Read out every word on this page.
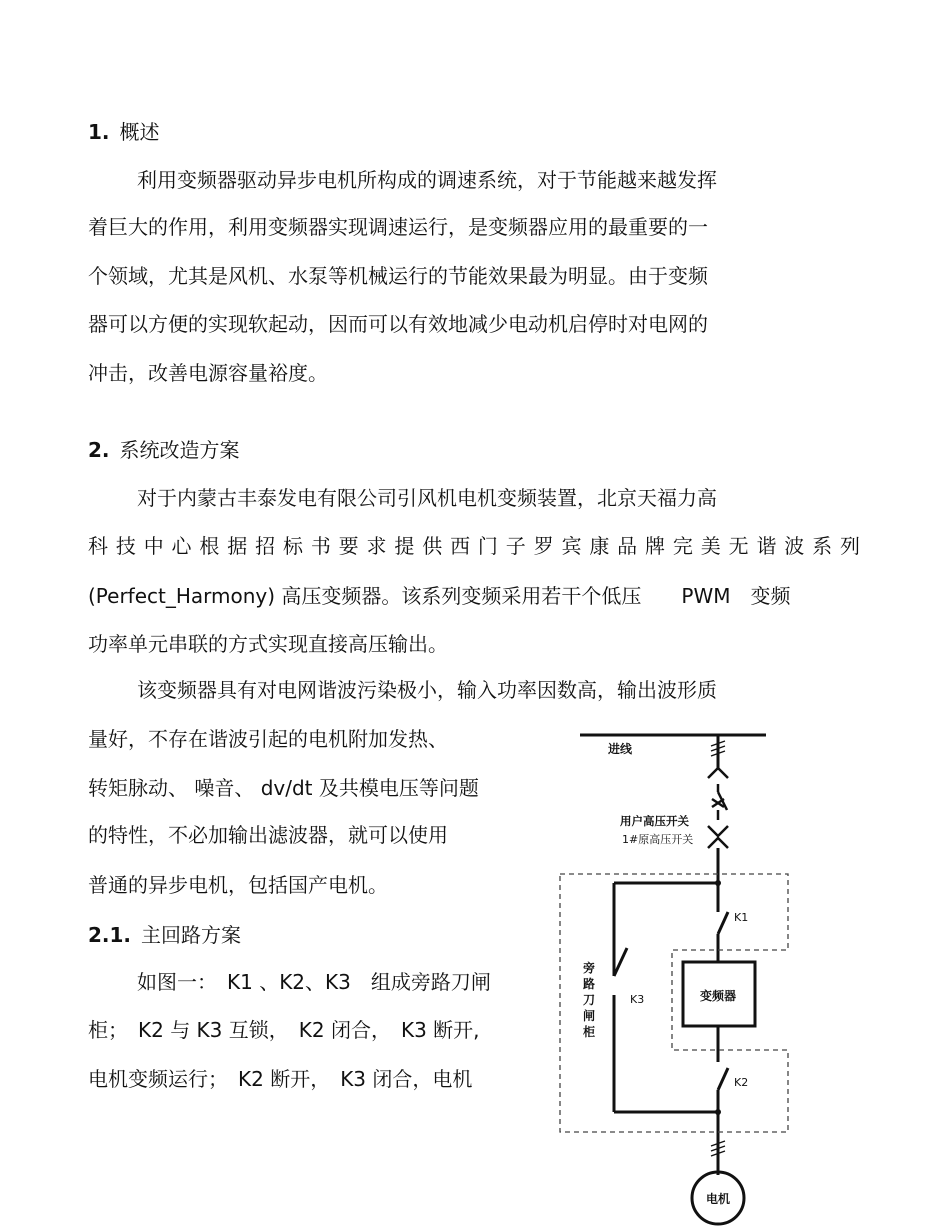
1. 概述
利用变频器驱动异步电机所构成的调速系统，对于节能越来越发挥
着巨大的作用，利用变频器实现调速运行，是变频器应用的最重要的一
个领域，尤其是风机、水泵等机械运行的节能效果最为明显。由于变频
器可以方便的实现软起动，因而可以有效地减少电动机启停时对电网的
冲击，改善电源容量裕度。
2. 系统改造方案
对于内蒙古丰泰发电有限公司引风机电机变频装置，北京天福力高
科 技 中 心 根 据 招 标 书 要 求 提 供 西 门 子 罗 宾 康 品 牌 完 美 无 谐 波 系 列
(Perfect_Harmony) 高压变频器。该系列变频采用若干个低压　　PWM　变频
功率单元串联的方式实现直接高压输出。
该变频器具有对电网谐波污染极小，输入功率因数高，输出波形质
量好，不存在谐波引起的电机附加发热、
转矩脉动、 噪音、 dv/dt 及共模电压等问题
的特性，不必加输出滤波器，就可以使用
普通的异步电机，包括国产电机。
2.1. 主回路方案
如图一：　K1 、K2、K3　组成旁路刀闸
柜；　K2 与 K3 互锁，　K2 闭合，　K3 断开,
电机变频运行；　K2 断开，　K3 闭合，电机
进线
用户高压开关
1#原高压开关
K1
K2
K3	变频器
电机
旁路刀闸柜
